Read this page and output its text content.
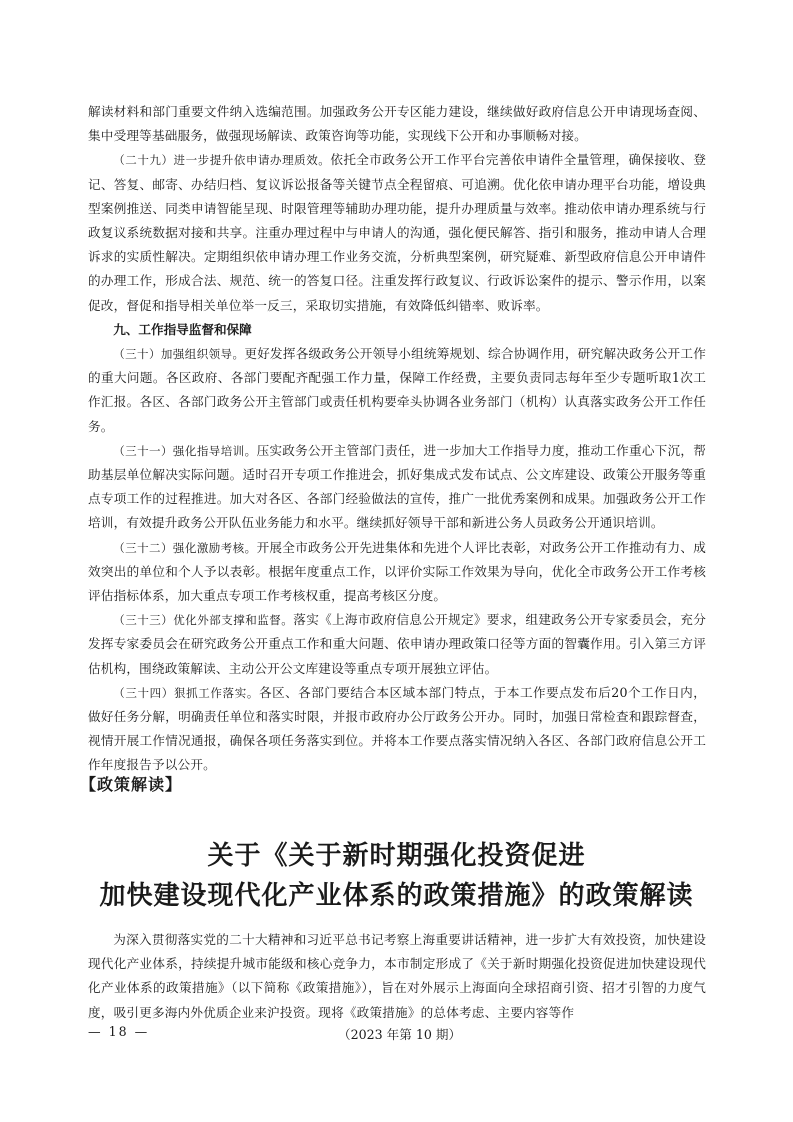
解读材料和部门重要文件纳入选编范围。加强政务公开专区能力建设，继续做好政府信息公开申请现场查阅、集中受理等基础服务，做强现场解读、政策咨询等功能，实现线下公开和办事顺畅对接。

（二十九）进一步提升依申请办理质效。依托全市政务公开工作平台完善依申请件全量管理，确保接收、登记、答复、邮寄、办结归档、复议诉讼报备等关键节点全程留痕、可追溯。优化依申请办理平台功能，增设典型案例推送、同类申请智能呈现、时限管理等辅助办理功能，提升办理质量与效率。推动依申请办理系统与行政复议系统数据对接和共享。注重办理过程中与申请人的沟通，强化便民解答、指引和服务，推动申请人合理诉求的实质性解决。定期组织依申请办理工作业务交流，分析典型案例，研究疑难、新型政府信息公开申请件的办理工作，形成合法、规范、统一的答复口径。注重发挥行政复议、行政诉讼案件的提示、警示作用，以案促改，督促和指导相关单位举一反三，采取切实措施，有效降低纠错率、败诉率。

九、工作指导监督和保障

（三十）加强组织领导。更好发挥各级政务公开领导小组统筹规划、综合协调作用，研究解决政务公开工作的重大问题。各区政府、各部门要配齐配强工作力量，保障工作经费，主要负责同志每年至少专题听取1次工作汇报。各区、各部门政务公开主管部门或责任机构要牵头协调各业务部门（机构）认真落实政务公开工作任务。

（三十一）强化指导培训。压实政务公开主管部门责任，进一步加大工作指导力度，推动工作重心下沉，帮助基层单位解决实际问题。适时召开专项工作推进会，抓好集成式发布试点、公文库建设、政策公开服务等重点专项工作的过程推进。加大对各区、各部门经验做法的宣传，推广一批优秀案例和成果。加强政务公开工作培训，有效提升政务公开队伍业务能力和水平。继续抓好领导干部和新进公务人员政务公开通识培训。

（三十二）强化激励考核。开展全市政务公开先进集体和先进个人评比表彰，对政务公开工作推动有力、成效突出的单位和个人予以表彰。根据年度重点工作，以评价实际工作效果为导向，优化全市政务公开工作考核评估指标体系，加大重点专项工作考核权重，提高考核区分度。

（三十三）优化外部支撑和监督。落实《上海市政府信息公开规定》要求，组建政务公开专家委员会，充分发挥专家委员会在研究政务公开重点工作和重大问题、依申请办理政策口径等方面的智囊作用。引入第三方评估机构，围绕政策解读、主动公开公文库建设等重点专项开展独立评估。

（三十四）狠抓工作落实。各区、各部门要结合本区域本部门特点，于本工作要点发布后20个工作日内，做好任务分解，明确责任单位和落实时限，并报市政府办公厅政务公开办。同时，加强日常检查和跟踪督查，视情开展工作情况通报，确保各项任务落实到位。并将本工作要点落实情况纳入各区、各部门政府信息公开工作年度报告予以公开。

【政策解读】
关于《关于新时期强化投资促进
加快建设现代化产业体系的政策措施》的政策解读

为深入贯彻落实党的二十大精神和习近平总书记考察上海重要讲话精神，进一步扩大有效投资，加快建设现代化产业体系，持续提升城市能级和核心竞争力，本市制定形成了《关于新时期强化投资促进加快建设现代化产业体系的政策措施》（以下简称《政策措施》），旨在对外展示上海面向全球招商引资、招才引智的力度气度，吸引更多海内外优质企业来沪投资。现将《政策措施》的总体考虑、主要内容等作

— 18 —	（2023 年第 10 期）
